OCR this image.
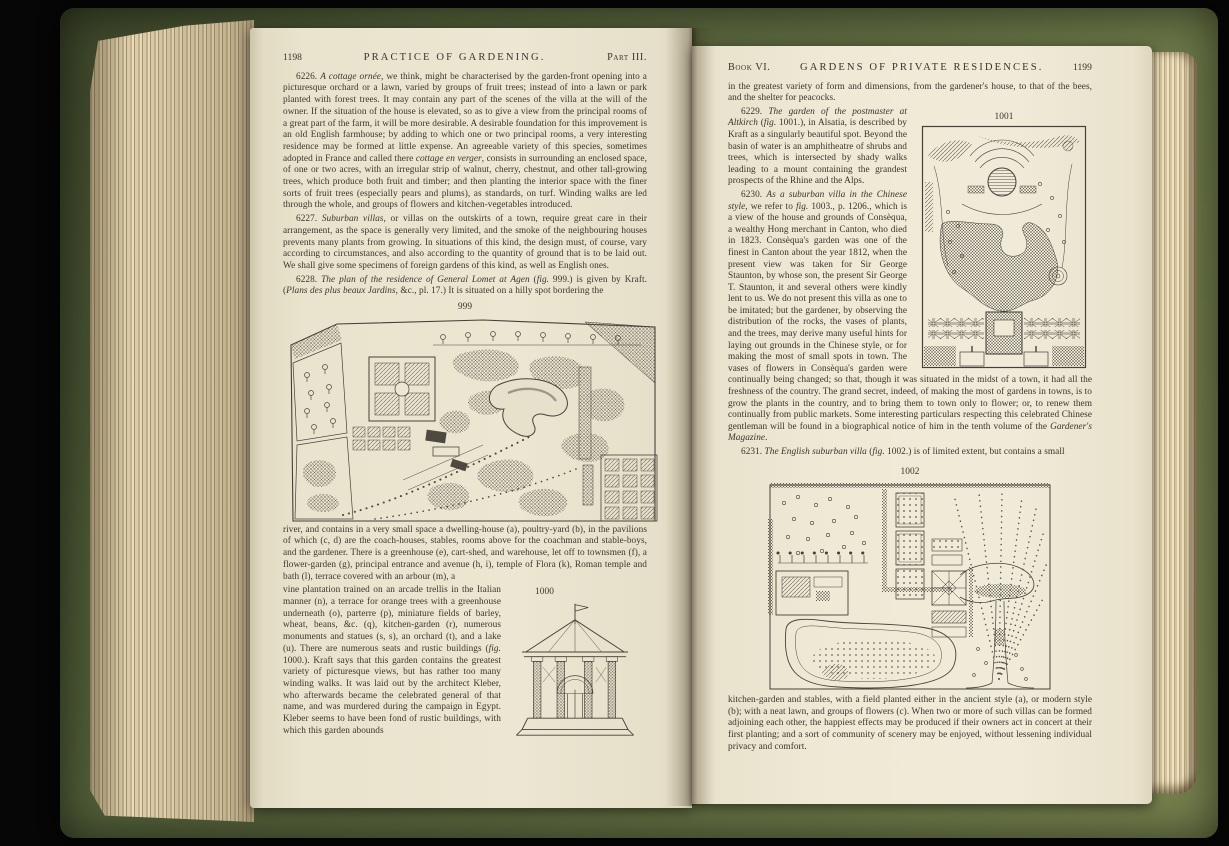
1198	PRACTICE OF GARDENING.	Part III.

6226. A cottage ornée, we think, might be characterised by the garden-front opening into a picturesque orchard or a lawn, varied by groups of fruit trees; instead of into a lawn or park planted with forest trees. It may contain any part of the scenes of the villa at the will of the owner. If the situation of the house is elevated, so as to give a view from the principal rooms of a great part of the farm, it will be more desirable. A desirable foundation for this improvement is an old English farmhouse; by adding to which one or two principal rooms, a very interesting residence may be formed at little expense. An agreeable variety of this species, sometimes adopted in France and called there cottage en verger, consists in surrounding an enclosed space, of one or two acres, with an irregular strip of walnut, cherry, chestnut, and other tall-growing trees, which produce both fruit and timber; and then planting the interior space with the finer sorts of fruit trees (especially pears and plums), as standards, on turf. Winding walks are led through the whole, and groups of flowers and kitchen-vegetables introduced.

6227. Suburban villas, or villas on the outskirts of a town, require great care in their arrangement, as the space is generally very limited, and the smoke of the neighbouring houses prevents many plants from growing. In situations of this kind, the design must, of course, vary according to circumstances, and also according to the quantity of ground that is to be laid out. We shall give some specimens of foreign gardens of this kind, as well as English ones.

6228. The plan of the residence of General Lomet at Agen (fig. 999.) is given by Kraft. (Plans des plus beaux Jardins, &c., pl. 17.) It is situated on a hilly spot bordering the

999

river, and contains in a very small space a dwelling-house (a), poultry-yard (b), in the pavilions of which (c, d) are the coach-houses, stables, rooms above for the coachman and stable-boys, and the gardener. There is a greenhouse (e), cart-shed, and warehouse, let off to townsmen (f), a flower-garden (g), principal entrance and avenue (h, i), temple of Flora (k), Roman temple and bath (l), terrace covered with an arbour (m), a

1000

vine plantation trained on an arcade trellis in the Italian manner (n), a terrace for orange trees with a greenhouse underneath (o), parterre (p), miniature fields of barley, wheat, beans, &c. (q), kitchen-garden (r), numerous monuments and statues (s, s), an orchard (t), and a lake (u). There are numerous seats and rustic buildings (fig. 1000.). Kraft says that this garden contains the greatest variety of picturesque views, but has rather too many winding walks. It was laid out by the architect Kleber, who afterwards became the celebrated general of that name, and was murdered during the campaign in Egypt. Kleber seems to have been fond of rustic buildings, with which this garden abounds

Book VI.	GARDENS OF PRIVATE RESIDENCES.	1199

in the greatest variety of form and dimensions, from the gardener's house, to that of the bees, and the shelter for peacocks.

1001

6229. The garden of the postmaster at Altkirch (fig. 1001.), in Alsatia, is described by Kraft as a singularly beautiful spot. Beyond the basin of water is an amphitheatre of shrubs and trees, which is intersected by shady walks leading to a mount containing the grandest prospects of the Rhine and the Alps.

6230. As a suburban villa in the Chinese style, we refer to fig. 1003., p. 1206., which is a view of the house and grounds of Consèqua, a wealthy Hong merchant in Canton, who died in 1823. Consèqua's garden was one of the finest in Canton about the year 1812, when the present view was taken for Sir George Staunton, by whose son, the present Sir George T. Staunton, it and several others were kindly lent to us. We do not present this villa as one to be imitated; but the gardener, by observing the distribution of the rocks, the vases of plants, and the trees, may derive many useful hints for laying out grounds in the Chinese style, or for making the most of small spots in town. The vases of flowers in Consèqua's garden were continually being changed; so that, though it was situated in the midst of a town, it had all the freshness of the country. The grand secret, indeed, of making the most of gardens in towns, is to grow the plants in the country, and to bring them to town only to flower; or, to renew them continually from public markets. Some interesting particulars respecting this celebrated Chinese gentleman will be found in a biographical notice of him in the tenth volume of the Gardener's Magazine.

6231. The English suburban villa (fig. 1002.) is of limited extent, but contains a small

1002

kitchen-garden and stables, with a field planted either in the ancient style (a), or modern style (b); with a neat lawn, and groups of flowers (c). When two or more of such villas can be formed adjoining each other, the happiest effects may be produced if their owners act in concert at their first planting; and a sort of community of scenery may be enjoyed, without lessening individual privacy and comfort.
